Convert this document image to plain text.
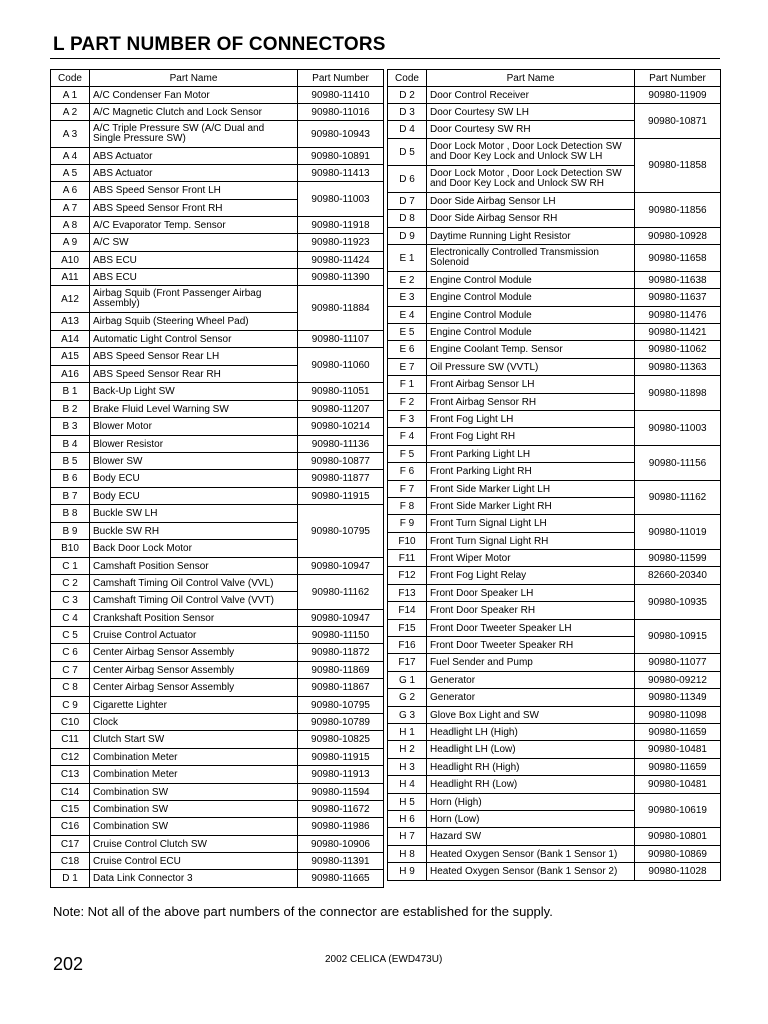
L PART NUMBER OF CONNECTORS
Code	Part Name	Part Number
A 1	A/C Condenser Fan Motor	90980-11410
A 2	A/C Magnetic Clutch and Lock Sensor	90980-11016
A 3	A/C Triple Pressure SW (A/C Dual and Single Pressure SW)	90980-10943
A 4	ABS Actuator	90980-10891
A 5	ABS Actuator	90980-11413
A 6	ABS Speed Sensor Front LH	90980-11003
A 7	ABS Speed Sensor Front RH	
A 8	A/C Evaporator Temp. Sensor	90980-11918
A 9	A/C SW	90980-11923
A10	ABS ECU	90980-11424
A11	ABS ECU	90980-11390
A12	Airbag Squib (Front Passenger Airbag Assembly)	90980-11884
A13	Airbag Squib (Steering Wheel Pad)	
A14	Automatic Light Control Sensor	90980-11107
A15	ABS Speed Sensor Rear LH	90980-11060
A16	ABS Speed Sensor Rear RH	
B 1	Back-Up Light SW	90980-11051
B 2	Brake Fluid Level Warning SW	90980-11207
B 3	Blower Motor	90980-10214
B 4	Blower Resistor	90980-11136
B 5	Blower SW	90980-10877
B 6	Body ECU	90980-11877
B 7	Body ECU	90980-11915
B 8	Buckle SW LH	90980-10795
B 9	Buckle SW RH	
B10	Back Door Lock Motor	
C 1	Camshaft Position Sensor	90980-10947
C 2	Camshaft Timing Oil Control Valve (VVL)	90980-11162
C 3	Camshaft Timing Oil Control Valve (VVT)	
C 4	Crankshaft Position Sensor	90980-10947
C 5	Cruise Control Actuator	90980-11150
C 6	Center Airbag Sensor Assembly	90980-11872
C 7	Center Airbag Sensor Assembly	90980-11869
C 8	Center Airbag Sensor Assembly	90980-11867
C 9	Cigarette Lighter	90980-10795
C10	Clock	90980-10789
C11	Clutch Start SW	90980-10825
C12	Combination Meter	90980-11915
C13	Combination Meter	90980-11913
C14	Combination SW	90980-11594
C15	Combination SW	90980-11672
C16	Combination SW	90980-11986
C17	Cruise Control Clutch SW	90980-10906
C18	Cruise Control ECU	90980-11391
D 1	Data Link Connector 3	90980-11665
Code	Part Name	Part Number
D 2	Door Control Receiver	90980-11909
D 3	Door Courtesy SW LH	90980-10871
D 4	Door Courtesy SW RH	
D 5	Door Lock Motor , Door Lock Detection SW and Door Key Lock and Unlock SW LH	90980-11858
D 6	Door Lock Motor , Door Lock Detection SW and Door Key Lock and Unlock SW RH	
D 7	Door Side Airbag Sensor LH	90980-11856
D 8	Door Side Airbag Sensor RH	
D 9	Daytime Running Light Resistor	90980-10928
E 1	Electronically Controlled Transmission Solenoid	90980-11658
E 2	Engine Control Module	90980-11638
E 3	Engine Control Module	90980-11637
E 4	Engine Control Module	90980-11476
E 5	Engine Control Module	90980-11421
E 6	Engine Coolant Temp. Sensor	90980-11062
E 7	Oil Pressure SW (VVTL)	90980-11363
F 1	Front Airbag Sensor LH	90980-11898
F 2	Front Airbag Sensor RH	
F 3	Front Fog Light LH	90980-11003
F 4	Front Fog Light RH	
F 5	Front Parking Light LH	90980-11156
F 6	Front Parking Light RH	
F 7	Front Side Marker Light LH	90980-11162
F 8	Front Side Marker Light RH	
F 9	Front Turn Signal Light LH	90980-11019
F10	Front Turn Signal Light RH	
F11	Front Wiper Motor	90980-11599
F12	Front Fog Light Relay	82660-20340
F13	Front Door Speaker LH	90980-10935
F14	Front Door Speaker RH	
F15	Front Door Tweeter Speaker LH	90980-10915
F16	Front Door Tweeter Speaker RH	
F17	Fuel Sender and Pump	90980-11077
G 1	Generator	90980-09212
G 2	Generator	90980-11349
G 3	Glove Box Light and SW	90980-11098
H 1	Headlight LH (High)	90980-11659
H 2	Headlight LH (Low)	90980-10481
H 3	Headlight RH (High)	90980-11659
H 4	Headlight RH (Low)	90980-10481
H 5	Horn (High)	90980-10619
H 6	Horn (Low)	
H 7	Hazard SW	90980-10801
H 8	Heated Oxygen Sensor (Bank 1 Sensor 1)	90980-10869
H 9	Heated Oxygen Sensor (Bank 1 Sensor 2)	90980-11028
Note: Not all of the above part numbers of the connector are established for the supply.
202	2002 CELICA (EWD473U)
